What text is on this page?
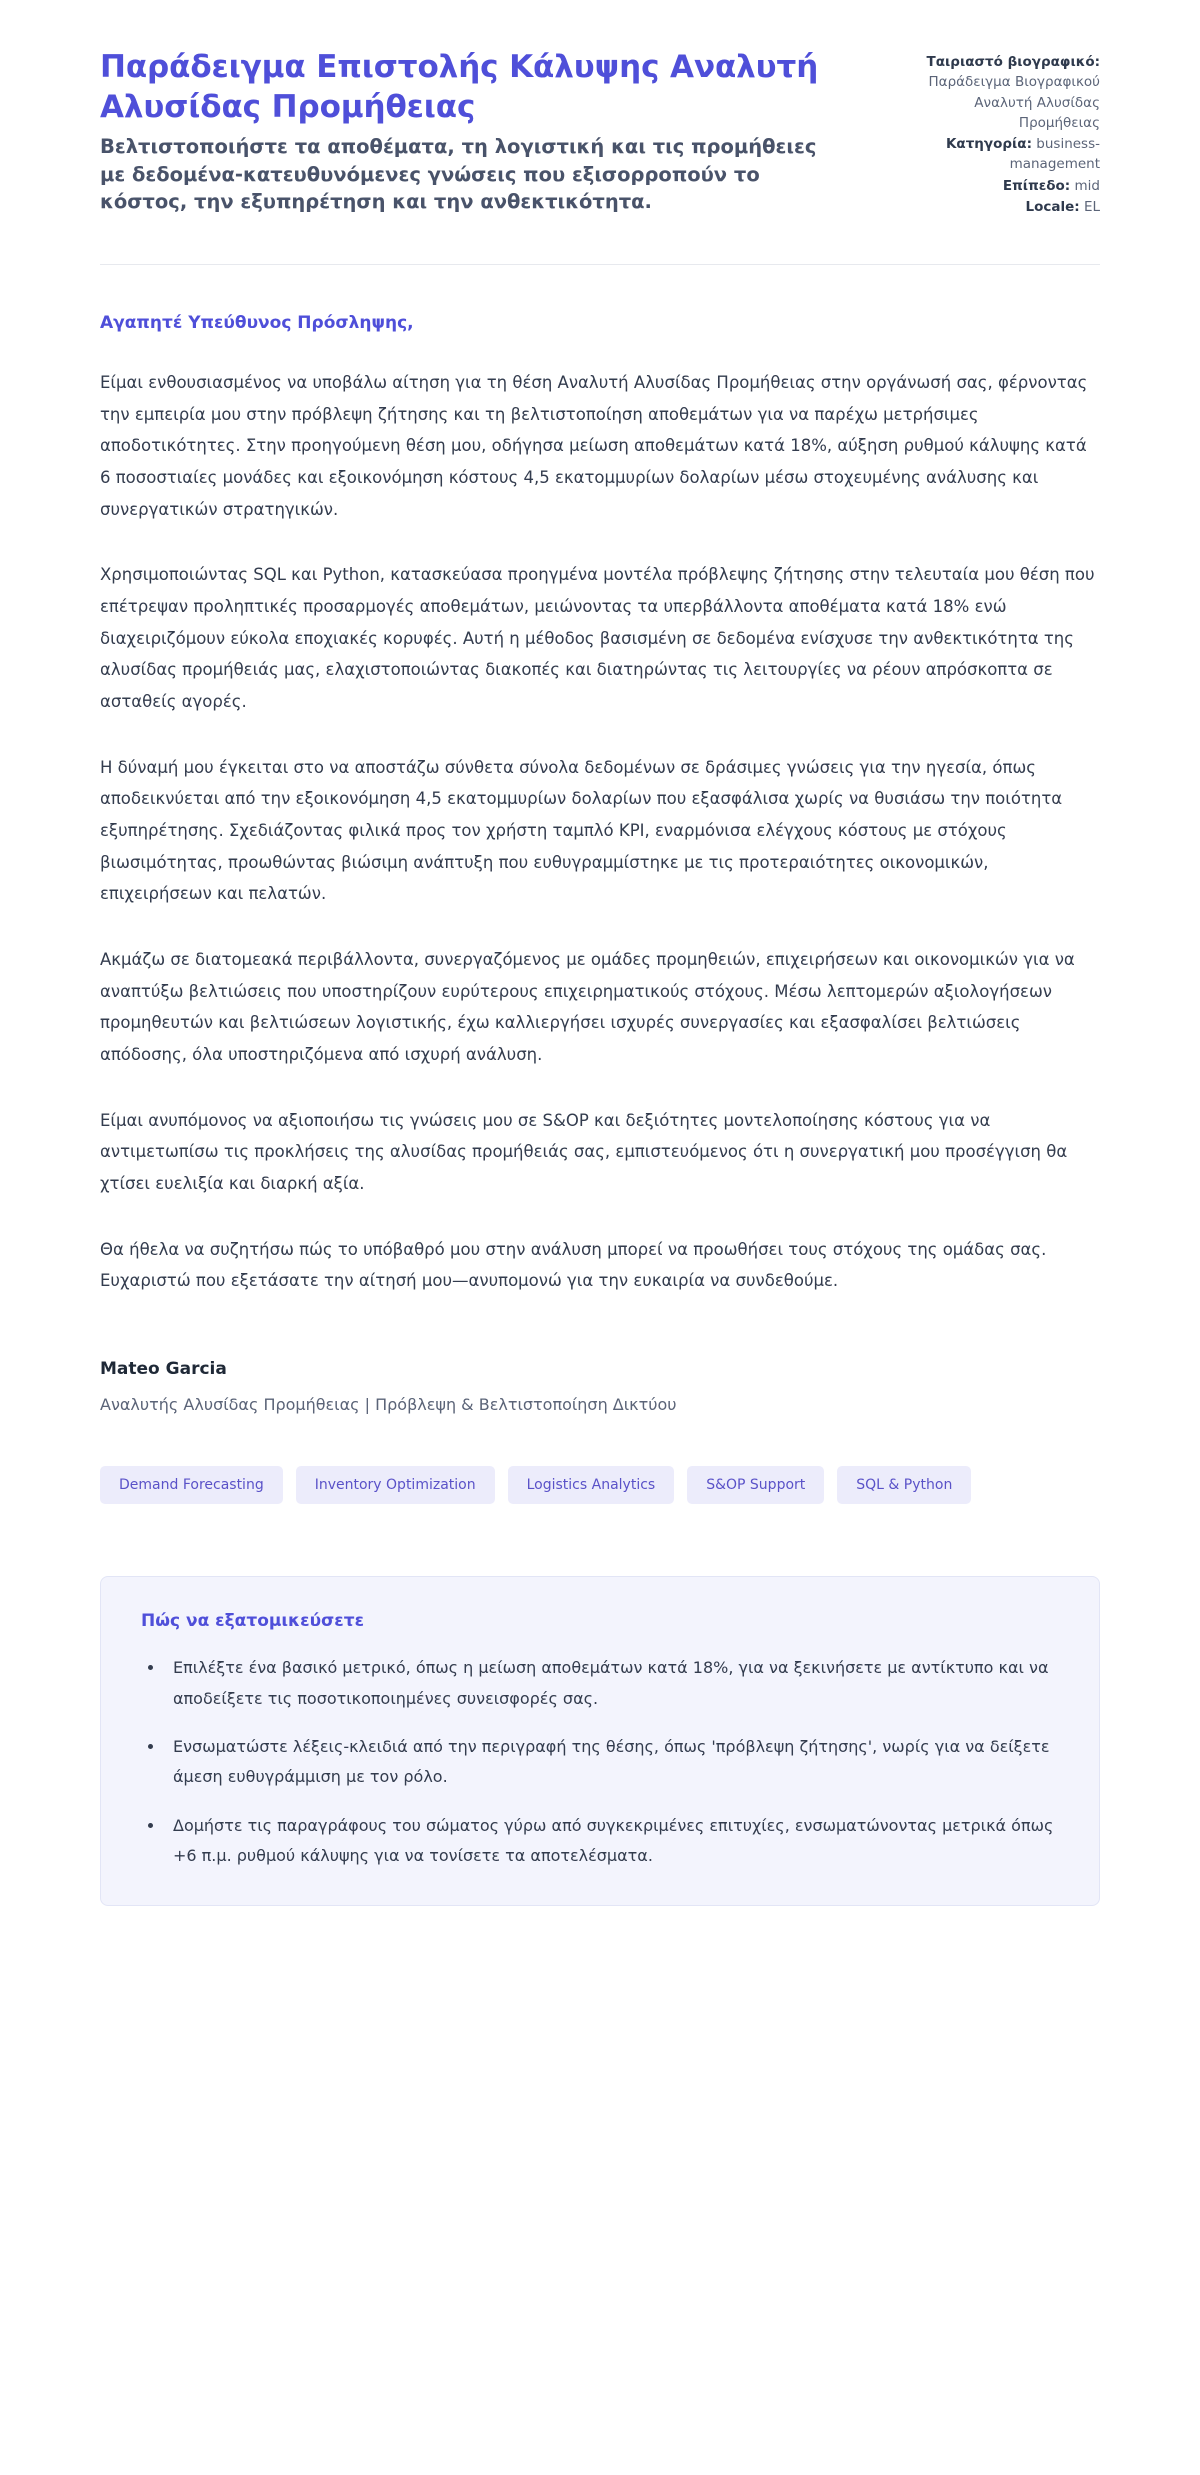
Παράδειγμα Επιστολής Κάλυψης Αναλυτή Αλυσίδας Προμήθειας

Βελτιστοποιήστε τα αποθέματα, τη λογιστική και τις προμήθειες με δεδομένα-κατευθυνόμενες γνώσεις που εξισορροπούν το κόστος, την εξυπηρέτηση και την ανθεκτικότητα.

Ταιριαστό βιογραφικό: Παράδειγμα Βιογραφικού Αναλυτή Αλυσίδας Προμήθειας
Κατηγορία: business-management
Επίπεδο: mid
Locale: EL

Αγαπητέ Υπεύθυνος Πρόσληψης,

Είμαι ενθουσιασμένος να υποβάλω αίτηση για τη θέση Αναλυτή Αλυσίδας Προμήθειας στην οργάνωσή σας, φέρνοντας την εμπειρία μου στην πρόβλεψη ζήτησης και τη βελτιστοποίηση αποθεμάτων για να παρέχω μετρήσιμες αποδοτικότητες. Στην προηγούμενη θέση μου, οδήγησα μείωση αποθεμάτων κατά 18%, αύξηση ρυθμού κάλυψης κατά 6 ποσοστιαίες μονάδες και εξοικονόμηση κόστους 4,5 εκατομμυρίων δολαρίων μέσω στοχευμένης ανάλυσης και συνεργατικών στρατηγικών.

Χρησιμοποιώντας SQL και Python, κατασκεύασα προηγμένα μοντέλα πρόβλεψης ζήτησης στην τελευταία μου θέση που επέτρεψαν προληπτικές προσαρμογές αποθεμάτων, μειώνοντας τα υπερβάλλοντα αποθέματα κατά 18% ενώ διαχειριζόμουν εύκολα εποχιακές κορυφές. Αυτή η μέθοδος βασισμένη σε δεδομένα ενίσχυσε την ανθεκτικότητα της αλυσίδας προμήθειάς μας, ελαχιστοποιώντας διακοπές και διατηρώντας τις λειτουργίες να ρέουν απρόσκοπτα σε ασταθείς αγορές.

Η δύναμή μου έγκειται στο να αποστάζω σύνθετα σύνολα δεδομένων σε δράσιμες γνώσεις για την ηγεσία, όπως αποδεικνύεται από την εξοικονόμηση 4,5 εκατομμυρίων δολαρίων που εξασφάλισα χωρίς να θυσιάσω την ποιότητα εξυπηρέτησης. Σχεδιάζοντας φιλικά προς τον χρήστη ταμπλό KPI, εναρμόνισα ελέγχους κόστους με στόχους βιωσιμότητας, προωθώντας βιώσιμη ανάπτυξη που ευθυγραμμίστηκε με τις προτεραιότητες οικονομικών, επιχειρήσεων και πελατών.

Ακμάζω σε διατομεακά περιβάλλοντα, συνεργαζόμενος με ομάδες προμηθειών, επιχειρήσεων και οικονομικών για να αναπτύξω βελτιώσεις που υποστηρίζουν ευρύτερους επιχειρηματικούς στόχους. Μέσω λεπτομερών αξιολογήσεων προμηθευτών και βελτιώσεων λογιστικής, έχω καλλιεργήσει ισχυρές συνεργασίες και εξασφαλίσει βελτιώσεις απόδοσης, όλα υποστηριζόμενα από ισχυρή ανάλυση.

Είμαι ανυπόμονος να αξιοποιήσω τις γνώσεις μου σε S&OP και δεξιότητες μοντελοποίησης κόστους για να αντιμετωπίσω τις προκλήσεις της αλυσίδας προμήθειάς σας, εμπιστευόμενος ότι η συνεργατική μου προσέγγιση θα χτίσει ευελιξία και διαρκή αξία.

Θα ήθελα να συζητήσω πώς το υπόβαθρό μου στην ανάλυση μπορεί να προωθήσει τους στόχους της ομάδας σας. Ευχαριστώ που εξετάσατε την αίτησή μου—ανυπομονώ για την ευκαιρία να συνδεθούμε.

Mateo Garcia

Αναλυτής Αλυσίδας Προμήθειας | Πρόβλεψη & Βελτιστοποίηση Δικτύου

Demand Forecasting	Inventory Optimization	Logistics Analytics	S&OP Support	SQL & Python
Πώς να εξατομικεύσετε
• Επιλέξτε ένα βασικό μετρικό, όπως η μείωση αποθεμάτων κατά 18%, για να ξεκινήσετε με αντίκτυπο και να αποδείξετε τις ποσοτικοποιημένες συνεισφορές σας.
• Ενσωματώστε λέξεις-κλειδιά από την περιγραφή της θέσης, όπως 'πρόβλεψη ζήτησης', νωρίς για να δείξετε άμεση ευθυγράμμιση με τον ρόλο.
• Δομήστε τις παραγράφους του σώματος γύρω από συγκεκριμένες επιτυχίες, ενσωματώνοντας μετρικά όπως +6 π.μ. ρυθμού κάλυψης για να τονίσετε τα αποτελέσματα.
